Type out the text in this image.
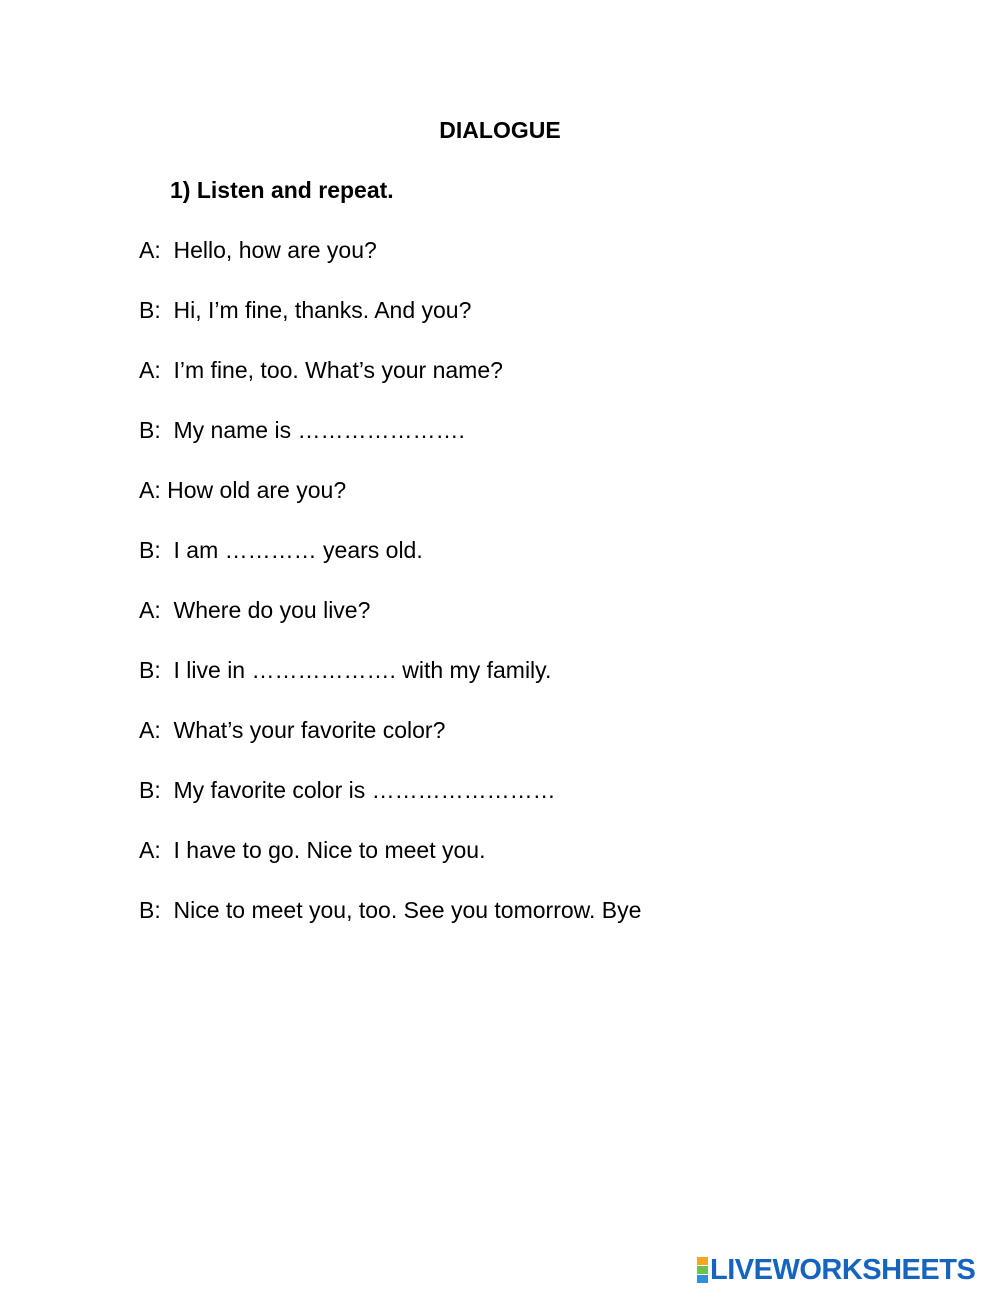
DIALOGUE
1) Listen and repeat.
A:  Hello, how are you?
B:  Hi, I’m fine, thanks. And you?
A:  I’m fine, too. What’s your name?
B:  My name is ………………….
A: How old are you?
B:  I am ………… years old.
A:  Where do you live?
B:  I live in ………………. with my family.
A:  What’s your favorite color?
B:  My favorite color is ……………………
A:  I have to go. Nice to meet you.
B:  Nice to meet you, too. See you tomorrow. Bye
LIVEWORKSHEETS
